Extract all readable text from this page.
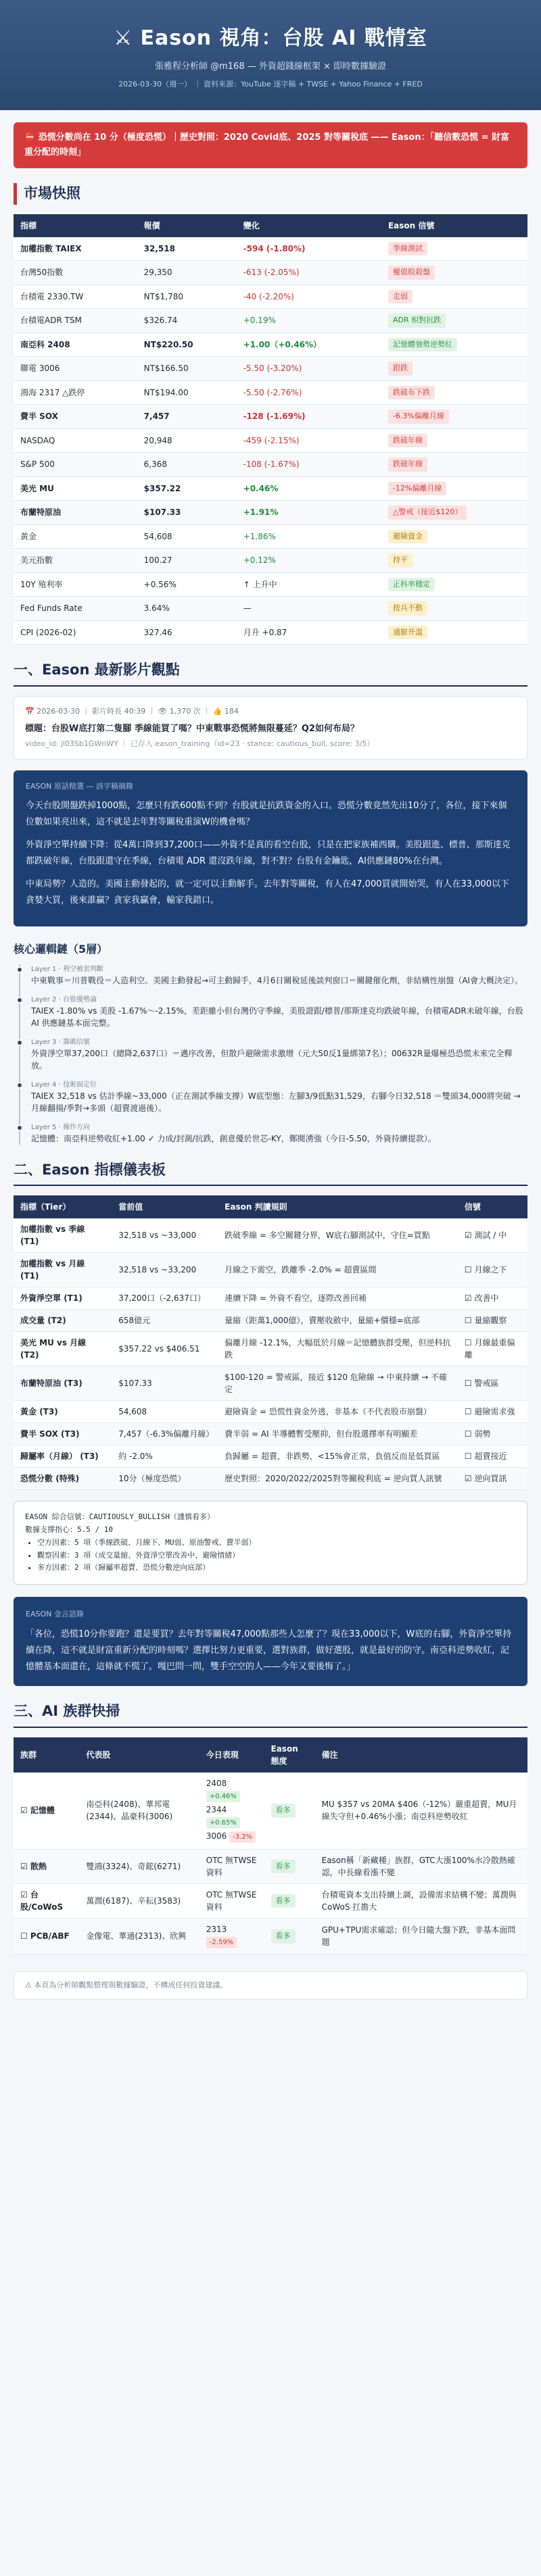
⚔ Eason 視角：台股 AI 戰情室
張雅程分析師 @m168 — 外資超錢線框架 × 即時數據驗證
2026-03-30（週一） ｜ 資料來源：YouTube 逐字稿 + TWSE + Yahoo Finance + FRED
⛔ 恐慌分數尚在 10 分（極度恐慌）｜歷史對照：2020 Covid底、2025 對等關稅底 —— Eason：「聽信數恐慌 = 財富重分配的時刻」
市場快照
指標	報價	變化	Eason 信號
加權指數 TAIEX	32,518	-594 (-1.80%)	季線測試
台灣50指數	29,350	-613 (-2.05%)	權值股殺盤
台積電 2330.TW	NT$1,780	-40 (-2.20%)	走弱
台積電ADR TSM	$326.74	+0.19%	ADR 相對抗跌
南亞科 2408	NT$220.50	+1.00（+0.46%）	記憶體強勢逆勢紅
聯電 3006	NT$166.50	-5.50 (-3.20%)	跟跌
鴻海 2317 △跌停	NT$194.00	-5.50 (-2.76%)	跌破布下跌
費半 SOX	7,457	-128 (-1.69%)	-6.3%偏離月線
NASDAQ	20,948	-459 (-2.15%)	跌破年線
S&P 500	6,368	-108 (-1.67%)	跌破年線
美光 MU	$357.22	+0.46%	-12%偏離月線
布蘭特原油	$107.33	+1.91%	△警戒（接近$120）
黃金	54,608	+1.86%	避險資金
美元指數	100.27	+0.12%	持平
10Y 殖利率	+0.56%	↑ 上升中	正科率穩定
Fed Funds Rate	3.64%	—	按兵不動
CPI (2026-02)	327.46	月升 +0.87	通膨升溫
一、Eason 最新影片觀點
📅 2026-03-30 ｜ 影片時長 40:39 ｜ 👁 1,370 次 ｜ 👍 184
標題：台股W底打第二隻腳 季線能買了嗎？中東戰事恐慌將無限蔓延？Q2如何布局？
video_id: jl03Sb1GWnWY ｜ 已存入 eason_training（id=23 · stance: cautious_bull, score: 3/5）
EASON 原話精選 — 該字稿摘錄

今天台股開盤跌掉1000點，怎麼只有跌600點不到？台股就是抗跌資金的入口。恐慌分數竟然先出10分了，各位，接下來個位數如果亮出來，這不就是去年對等關稅重演W的機會嗎？

外資淨空單持續下降：從4萬口降到37,200口——外資不是真的看空台股，只是在把家族補西購。美股跟進、標普、那斯達克都跌破年線，台股跟還守在季線，台積電 ADR 還沒跌年線，對不對？台股有金鑰匙，AI供應鏈80%在台灣。

中東局勢？人造的。美國主動發起的，就一定可以主動解手。去年對等關稅，有人在47,000買就開始哭，有人在33,000以下貪婪大買，後來誰贏？貪家我贏會，輸家我錯口。

核心邏輯鏈（5層）
Layer 1 · 利空被套判斷
中東戰事＝川普戰役＝人造利空。美國主動發起→可主動歸手，4月6日關稅延後談判窗口＝關鍵催化劑，非結構性崩盤（AI會大概決定）。
Layer 2 · 台股優勢論
TAIEX -1.80% vs 美股 -1.67%～-2.15%，差距雖小但台灣仍守季線，美股證跟/標普/那斯達克均跌破年線，台積電ADR未破年線，台股 AI 供應鏈基本面完整。
Layer 3 · 籌碼信號
外資淨空單37,200口（總降2,637口）＝邁序改善，但散戶避險需求激增（元大50反1量綁第7名）；00632R量爆極恐恐慌未來完全釋放。
Layer 4 · 技術面定位
TAIEX 32,518 vs 估計季線~33,000（正在測試季線支撐）W底型態：左腳3/9低點31,529，右腳今日32,518 ＝雙頭34,000將突破 → 月線翻揚/季對→多頭（超賣渡過後）。
Layer 5 · 操作方向
記憶體：南亞科逆勢收紅+1.00 ✓ 力成/封測/抗跌，創意優於世芯-KY，鄭閱湧強（今日-5.50，外資持續提款）。
二、Eason 指標儀表板
指標（Tier）	當前值	Eason 判讀規則	信號
加權指數 vs 季線 (T1)	32,518 vs ~33,000	跌破季線 = 多空關鍵分界，W底右腳測試中，守住=買點	☑ 測試 / 中
加權指數 vs 月線 (T1)	32,518 vs ~33,200	月線之下需空，跌離季 -2.0% = 超賣區間	☐ 月線之下
外資淨空單 (T1)	37,200口（-2,637口）	連續下降 = 外資不看空，逐際改善回補	☑ 改善中
成交量 (T2)	658億元	量縮（距萬1,000億），賣壓收斂中，量縮+價穩=底部	☐ 量縮觀察
美光 MU vs 月線 (T2)	$357.22 vs $406.51	偏離月線 -12.1%，大幅低於月線＝記憶體族群受壓，但逆科抗跌	☐ 月線最重偏離
布蘭特原油 (T3)	$107.33	$100-120 = 警戒區，接近 $120 危險線 → 中東持續 → 不確定	☐ 警戒區
黃金 (T3)	54,608	避險資金 = 恐慌性資金外逃，非基本（不代表股市崩盤）	☐ 避險需求強
費半 SOX (T3)	7,457（-6.3%偏離月線）	費半弱 = AI 半導體暫受壓抑，但台股選擇率有明顯差	☐ 弱勢
歸屬率（月線） (T3)	約 -2.0%	負歸屬 = 超賣，非跌勢，<15%會正常，負值反而是低買區	☐ 超賣接近
恐慌分數 (特殊)	10分（極度恐慌）	歷史對照：2020/2022/2025對等關稅利底 = 逆向買人訊號	☑ 逆向買訊
EASON 綜合信號：CAUTIOUSLY_BULLISH（謹慎看多）
數據支撐指心：5.5 / 10
• 空方因素：5 項（季線跌破、月線下、MU弱、原油警戒、費半弱）
• 觀察因素：3 項（成交量縮、外資淨空單改善中、避險情緒）
• 多方因素：2 項（歸屬率超賣、恐慌分數逆向底部）
EASON 金言語錄
「各位，恐慌10分你要跑？還是要買？去年對等關稅47,000點那些人怎麼了？現在33,000以下，W底的右腳，外資淨空單持續在降，這不就是財富重新分配的時刻嗎？選擇比努力更重要，選對族群，做好選股，就是最好的防守。南亞科逆勢收紅，記憶體基本面還在，這條就不慌了。嘎巴問一問，雙手空空的人——今年又要後悔了。」
三、AI 族群快掃
族群	代表股	今日表現	Eason 態度	備注
☑ 記憶體	南亞科(2408)、華邦電(2344)、晶豪科(3006)	2408 +0.46%
2344 +0.65%
3006 -3.2%	看多	MU $357 vs 20MA $406（-12%）嚴重超賣，MU月線失守但+0.46%小漲；南亞科逆勢收紅
☑ 散熱	雙鴻(3324)、奇鋐(6271)	OTC 無TWSE資料	看多	Eason稱「新藏種」族群，GTC大漲100%水冷散熱確認，中長線看漲不變
☑ 台股/CoWoS	萬潤(6187)、辛耘(3583)	OTC 無TWSE資料	看多	台積電資本支出持續上調，設備需求結構不變；萬潤與CoWoS 扛擔大
☐ PCB/ABF	金像電、華通(2313)、欣興	2313 -2.59%	看多	GPU+TPU需求確認；但今日隨大盤下跌，非基本面問題
⚠ 本頁為分析師觀點整理與數據驗證，不構成任何投資建議。
